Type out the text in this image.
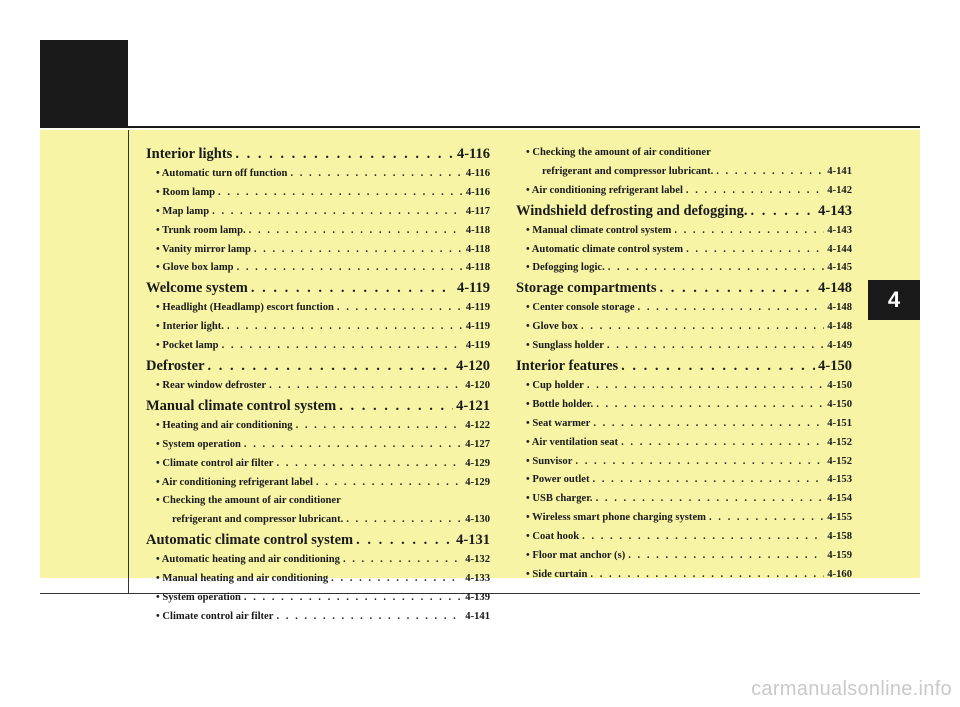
Interior lights . . .	4-116
• Automatic turn off function . . .	4-116
• Room lamp . . .	4-116
• Map lamp . . .	4-117
• Trunk room lamp. . . .	4-118
• Vanity mirror lamp . . .	4-118
• Glove box lamp . . .	4-118
Welcome system . . .	4-119
• Headlight (Headlamp) escort function . . .	4-119
• Interior light. . . .	4-119
• Pocket lamp . . .	4-119
Defroster . . .	4-120
• Rear window defroster . . .	4-120
Manual climate control system . . .	4-121
• Heating and air conditioning . . .	4-122
• System operation . . .	4-127
• Climate control air filter . . .	4-129
• Air conditioning refrigerant label . . .	4-129
• Checking the amount of air conditioner
refrigerant and compressor lubricant. . . .	4-130
Automatic climate control system . . .	4-131
• Automatic heating and air conditioning . . .	4-132
• Manual heating and air conditioning . . .	4-133
• System operation . . .	4-139
• Climate control air filter . . .	4-141
• Checking the amount of air conditioner
refrigerant and compressor lubricant. . . .	4-141
• Air conditioning refrigerant label . . .	4-142
Windshield defrosting and defogging. . . .	4-143
• Manual climate control system . . .	4-143
• Automatic climate control system . . .	4-144
• Defogging logic. . . .	4-145
Storage compartments . . .	4-148
• Center console storage . . .	4-148
• Glove box . . .	4-148
• Sunglass holder . . .	4-149
Interior features . . .	4-150
• Cup holder . . .	4-150
• Bottle holder. . . .	4-150
• Seat warmer . . .	4-151
• Air ventilation seat . . .	4-152
• Sunvisor . . .	4-152
• Power outlet . . .	4-153
• USB charger. . . .	4-154
• Wireless smart phone charging system . . .	4-155
• Coat hook . . .	4-158
• Floor mat anchor (s) . . .	4-159
• Side curtain . . .	4-160
4
carmanualsonline.info
